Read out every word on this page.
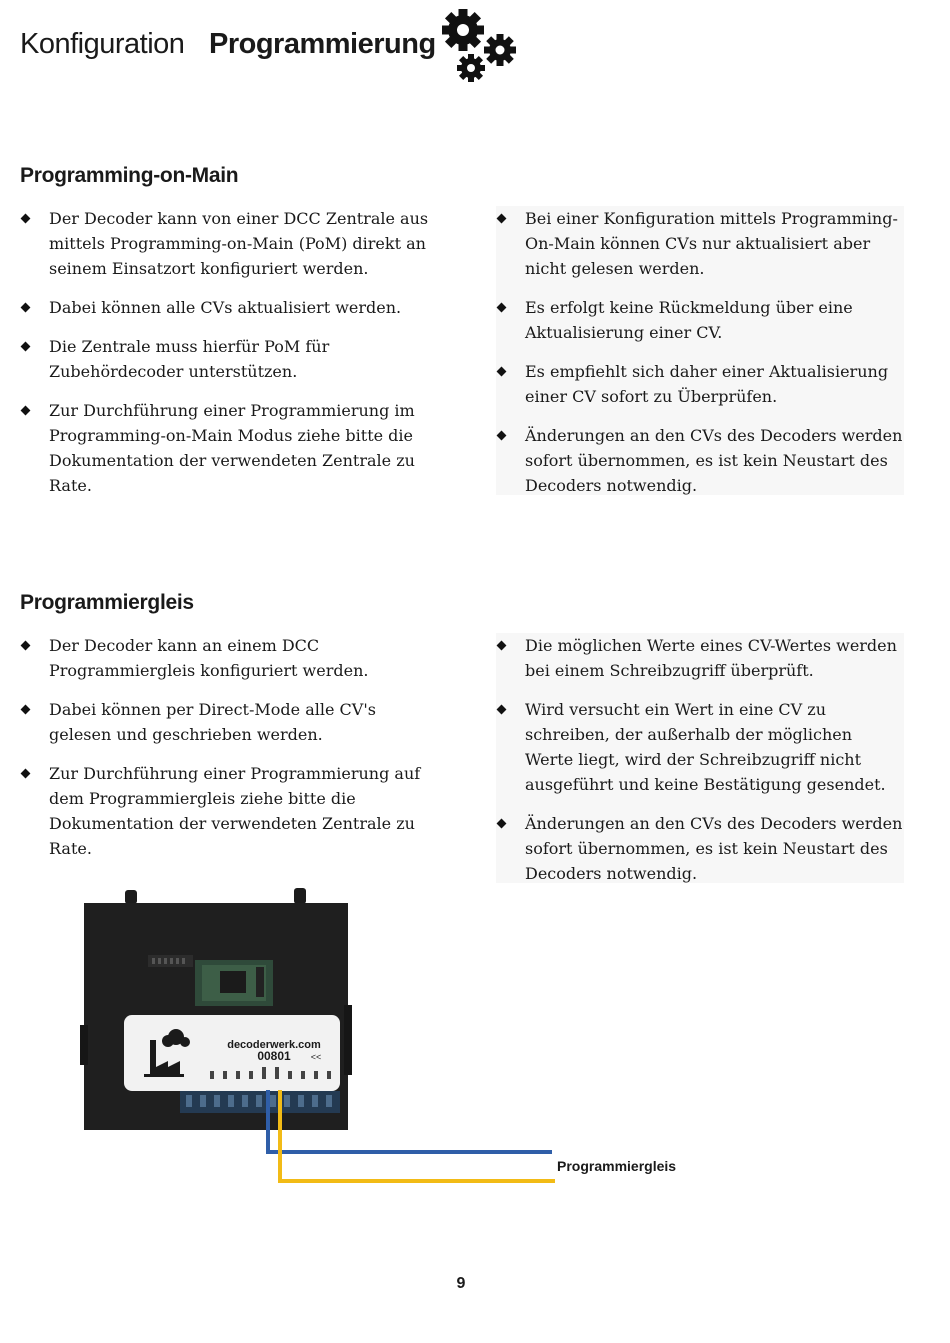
Konfiguration Programmierung
Programming-on-Main
Der Decoder kann von einer DCC Zentrale aus mittels Programming-on-Main (PoM) direkt an seinem Einsatzort konfiguriert werden.
Dabei können alle CVs aktualisiert werden.
Die Zentrale muss hierfür PoM für Zubehördecoder unterstützen.
Zur Durchführung einer Programmierung im Programming-on-Main Modus ziehe bitte die Dokumentation der verwendeten Zentrale zu Rate.
Bei einer Konfiguration mittels Programming-On-Main können CVs nur aktualisiert aber nicht gelesen werden.
Es erfolgt keine Rückmeldung über eine Aktualisierung einer CV.
Es empfiehlt sich daher einer Aktualisierung einer CV sofort zu Überprüfen.
Änderungen an den CVs des Decoders werden sofort übernommen, es ist kein Neustart des Decoders notwendig.
Programmiergleis
Der Decoder kann an einem DCC Programmiergleis konfiguriert werden.
Dabei können per Direct-Mode alle CV's gelesen und geschrieben werden.
Zur Durchführung einer Programmierung auf dem Programmiergleis ziehe bitte die Dokumentation der verwendeten Zentrale zu Rate.
Die möglichen Werte eines CV-Wertes werden bei einem Schreibzugriff überprüft.
Wird versucht ein Wert in eine CV zu schreiben, der außerhalb der möglichen Werte liegt, wird der Schreibzugriff nicht ausgeführt und keine Bestätigung gesendet.
Änderungen an den CVs des Decoders werden sofort übernommen, es ist kein Neustart des Decoders notwendig.
decoderwerk.com
00801 <<
Programmiergleis
9
